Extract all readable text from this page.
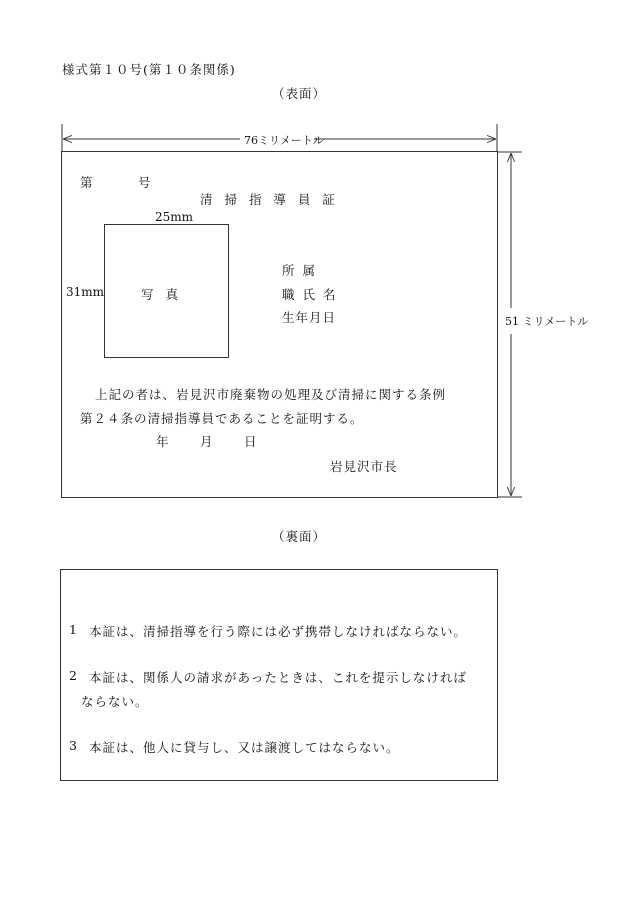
様式第１０号(第１０条関係)
（表面）
76ミリメートル
51 ミリメートル
第	号
清 掃 指 導 員 証
25mm
31mm	写 真
所 属
職 氏 名
生年月日
上記の者は、岩見沢市廃棄物の処理及び清掃に関する条例
第２４条の清掃指導員であることを証明する。
年	月	日
岩見沢市長
（裏面）
1 本証は、清掃指導を行う際には必ず携帯しなければならない。
2 本証は、関係人の請求があったときは、これを提示しなければ
ならない。
3 本証は、他人に貸与し、又は譲渡してはならない。
